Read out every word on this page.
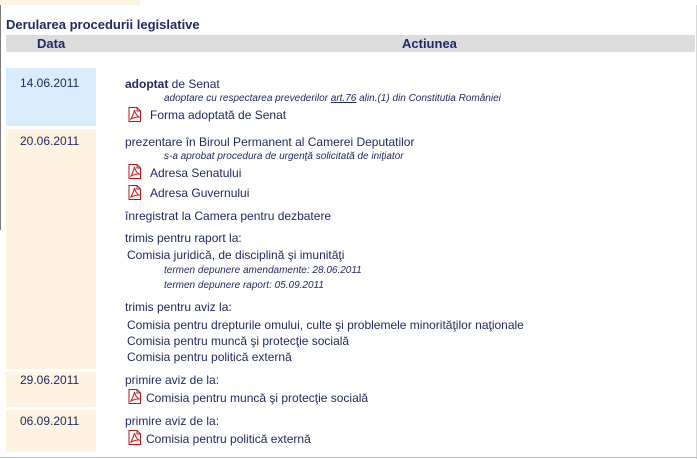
Derularea procedurii legislative
Data	Actiunea
14.06.2011	adoptat de Senat
adoptare cu respectarea prevederilor art.76 alin.(1) din Constitutia României
Forma adoptată de Senat
20.06.2011	prezentare în Biroul Permanent al Camerei Deputatilor
s-a aprobat procedura de urgenţă solicitată de iniţiator
Adresa Senatului
Adresa Guvernului
înregistrat la Camera pentru dezbatere
trimis pentru raport la:
Comisia juridică, de disciplină şi imunităţi
termen depunere amendamente: 28.06.2011
termen depunere raport: 05.09.2011
trimis pentru aviz la:
Comisia pentru drepturile omului, culte şi problemele minorităţilor naţionale
Comisia pentru muncă şi protecţie socială
Comisia pentru politică externă
29.06.2011	primire aviz de la:
Comisia pentru muncă şi protecţie socială
06.09.2011	primire aviz de la:
Comisia pentru politică externă
